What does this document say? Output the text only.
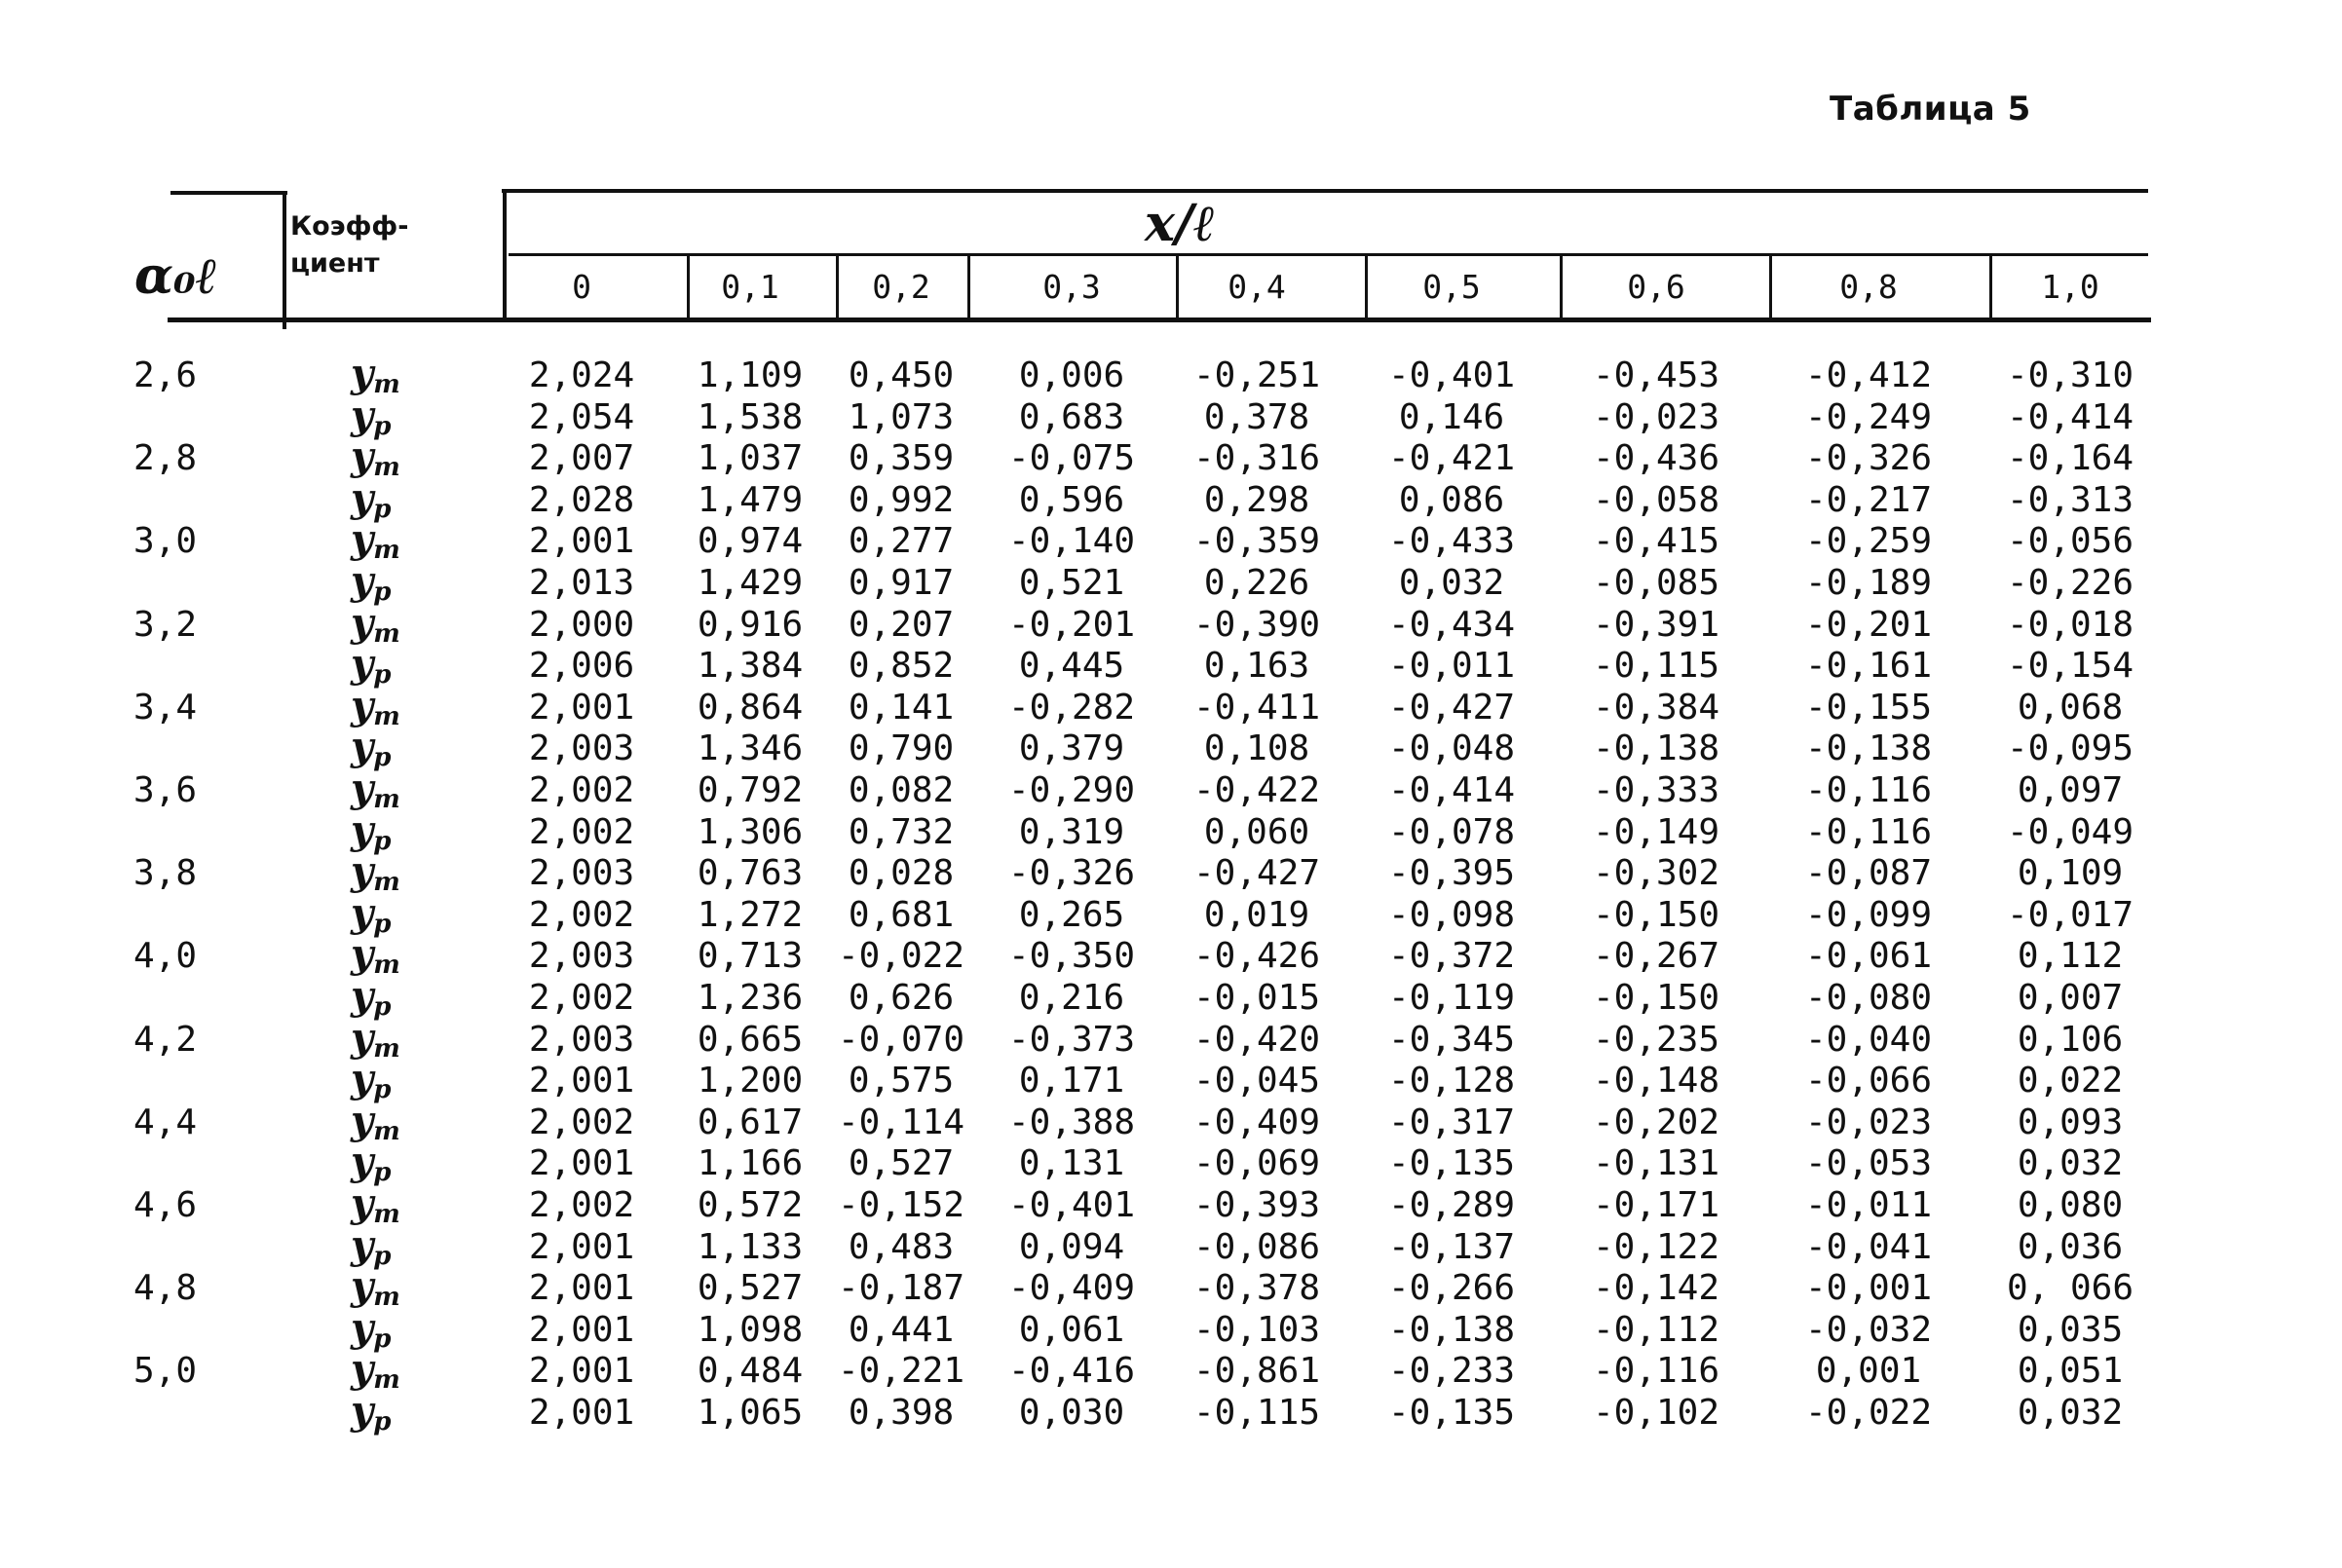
Таблица 5
α₀ℓ
Коэфф-
циент
x/ℓ
0	0,1	0,2	0,3	0,4	0,5	0,6	0,8	1,0
2,6	$y_m$	2,024	1,109	0,450	0,006	-0,251	-0,401	-0,453	-0,412	-0,310
$y_p$	2,054	1,538	1,073	0,683	0,378	0,146	-0,023	-0,249	-0,414
2,8	$y_m$	2,007	1,037	0,359	-0,075	-0,316	-0,421	-0,436	-0,326	-0,164
$y_p$	2,028	1,479	0,992	0,596	0,298	0,086	-0,058	-0,217	-0,313
3,0	$y_m$	2,001	0,974	0,277	-0,140	-0,359	-0,433	-0,415	-0,259	-0,056
$y_p$	2,013	1,429	0,917	0,521	0,226	0,032	-0,085	-0,189	-0,226
3,2	$y_m$	2,000	0,916	0,207	-0,201	-0,390	-0,434	-0,391	-0,201	-0,018
$y_p$	2,006	1,384	0,852	0,445	0,163	-0,011	-0,115	-0,161	-0,154
3,4	$y_m$	2,001	0,864	0,141	-0,282	-0,411	-0,427	-0,384	-0,155	0,068
$y_p$	2,003	1,346	0,790	0,379	0,108	-0,048	-0,138	-0,138	-0,095
3,6	$y_m$	2,002	0,792	0,082	-0,290	-0,422	-0,414	-0,333	-0,116	0,097
$y_p$	2,002	1,306	0,732	0,319	0,060	-0,078	-0,149	-0,116	-0,049
3,8	$y_m$	2,003	0,763	0,028	-0,326	-0,427	-0,395	-0,302	-0,087	0,109
$y_p$	2,002	1,272	0,681	0,265	0,019	-0,098	-0,150	-0,099	-0,017
4,0	$y_m$	2,003	0,713 -0,022	-0,350	-0,426	-0,372	-0,267	-0,061	0,112
$y_p$	2,002	1,236	0,626	0,216	-0,015	-0,119	-0,150	-0,080	0,007
4,2	$y_m$	2,003	0,665 -0,070	-0,373	-0,420	-0,345	-0,235	-0,040	0,106
$y_p$	2,001	1,200	0,575	0,171	-0,045	-0,128	-0,148	-0,066	0,022
4,4	$y_m$	2,002	0,617 -0,114	-0,388	-0,409	-0,317	-0,202	-0,023	0,093
$y_p$	2,001	1,166	0,527	0,131	-0,069	-0,135	-0,131	-0,053	0,032
4,6	$y_m$	2,002	0,572 -0,152	-0,401	-0,393	-0,289	-0,171	-0,011	0,080
$y_p$	2,001	1,133	0,483	0,094	-0,086	-0,137	-0,122	-0,041	0,036
4,8	$y_m$	2,001	0,527 -0,187	-0,409	-0,378	-0,266	-0,142	-0,001	0, 066
$y_p$	2,001	1,098	0,441	0,061	-0,103	-0,138	-0,112	-0,032	0,035
5,0	$y_m$	2,001	0,484 -0,221	-0,416	-0,861	-0,233	-0,116	0,001	0,051
$y_p$	2,001	1,065	0,398	0,030	-0,115	-0,135	-0,102	-0,022	0,032
